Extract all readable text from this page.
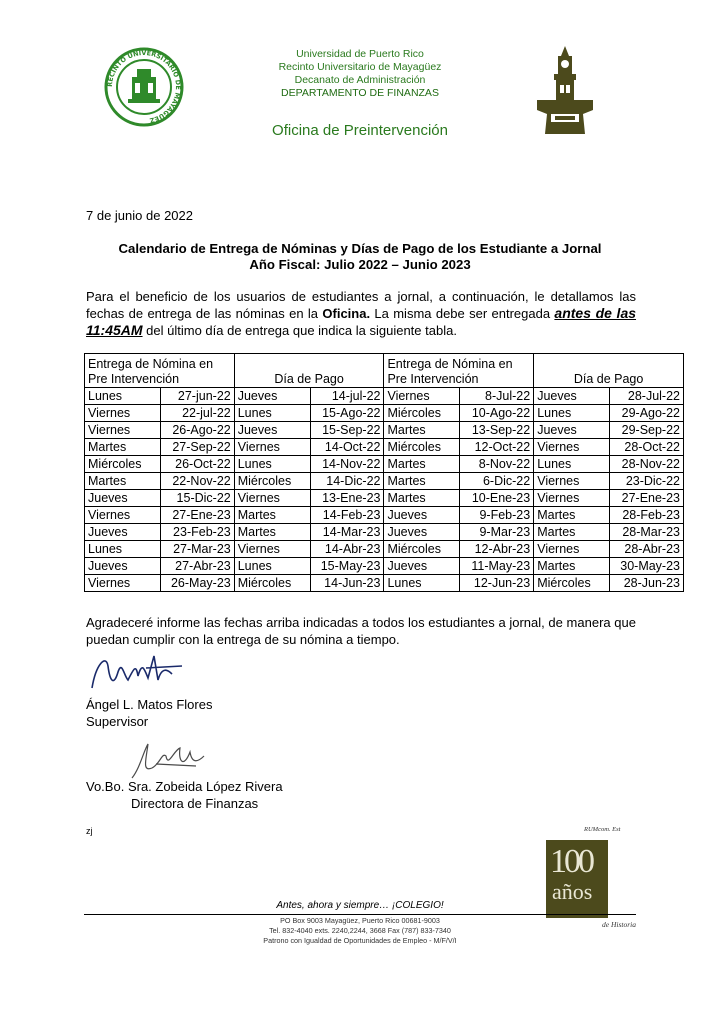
RECINTO UNIVERSITARIO DE MAYAGÜEZ
Universidad de Puerto Rico
Recinto Universitario de Mayagüez
Decanato de Administración
DEPARTAMENTO DE FINANZAS
Oficina de Preintervención
7 de junio de 2022
Calendario de Entrega de Nóminas y Días de Pago de los Estudiante a Jornal
Año Fiscal: Julio 2022 – Junio 2023
Para el beneficio de los usuarios de estudiantes a jornal, a continuación, le detallamos las fechas de entrega de las nóminas en la Oficina. La misma debe ser entregada antes de las 11:45AM del último día de entrega que indica la siguiente tabla.
Entrega de Nómina en Pre Intervención		Día de Pago		Entrega de Nómina en Pre Intervención		Día de Pago	
Lunes	27-jun-22	Jueves	14-jul-22	Viernes	8-Jul-22	Jueves	28-Jul-22
Viernes	22-jul-22	Lunes	15-Ago-22	Miércoles	10-Ago-22	Lunes	29-Ago-22
Viernes	26-Ago-22	Jueves	15-Sep-22	Martes	13-Sep-22	Jueves	29-Sep-22
Martes	27-Sep-22	Viernes	14-Oct-22	Miércoles	12-Oct-22	Viernes	28-Oct-22
Miércoles	26-Oct-22	Lunes	14-Nov-22	Martes	8-Nov-22	Lunes	28-Nov-22
Martes	22-Nov-22	Miércoles	14-Dic-22	Martes	6-Dic-22	Viernes	23-Dic-22
Jueves	15-Dic-22	Viernes	13-Ene-23	Martes	10-Ene-23	Viernes	27-Ene-23
Viernes	27-Ene-23	Martes	14-Feb-23	Jueves	9-Feb-23	Martes	28-Feb-23
Jueves	23-Feb-23	Martes	14-Mar-23	Jueves	9-Mar-23	Martes	28-Mar-23
Lunes	27-Mar-23	Viernes	14-Abr-23	Miércoles	12-Abr-23	Viernes	28-Abr-23
Jueves	27-Abr-23	Lunes	15-May-23	Jueves	11-May-23	Martes	30-May-23
Viernes	26-May-23	Miércoles	14-Jun-23	Lunes	12-Jun-23	Miércoles	28-Jun-23
Agradeceré informe las fechas arriba indicadas a todos los estudiantes a jornal, de manera que puedan cumplir con la entrega de su nómina a tiempo.
Ángel L. Matos Flores
Supervisor
Vo.Bo. Sra. Zobeida López Rivera
Directora de Finanzas
zj	RUMcom. Est
100
años
de Historia
Antes, ahora y siempre… ¡COLEGIO!
PO Box 9003 Mayagüez, Puerto Rico 00681-9003
Tel. 832-4040 exts. 2240,2244, 3668 Fax (787) 833-7340
Patrono con Igualdad de Oportunidades de Empleo - M/F/V/I
